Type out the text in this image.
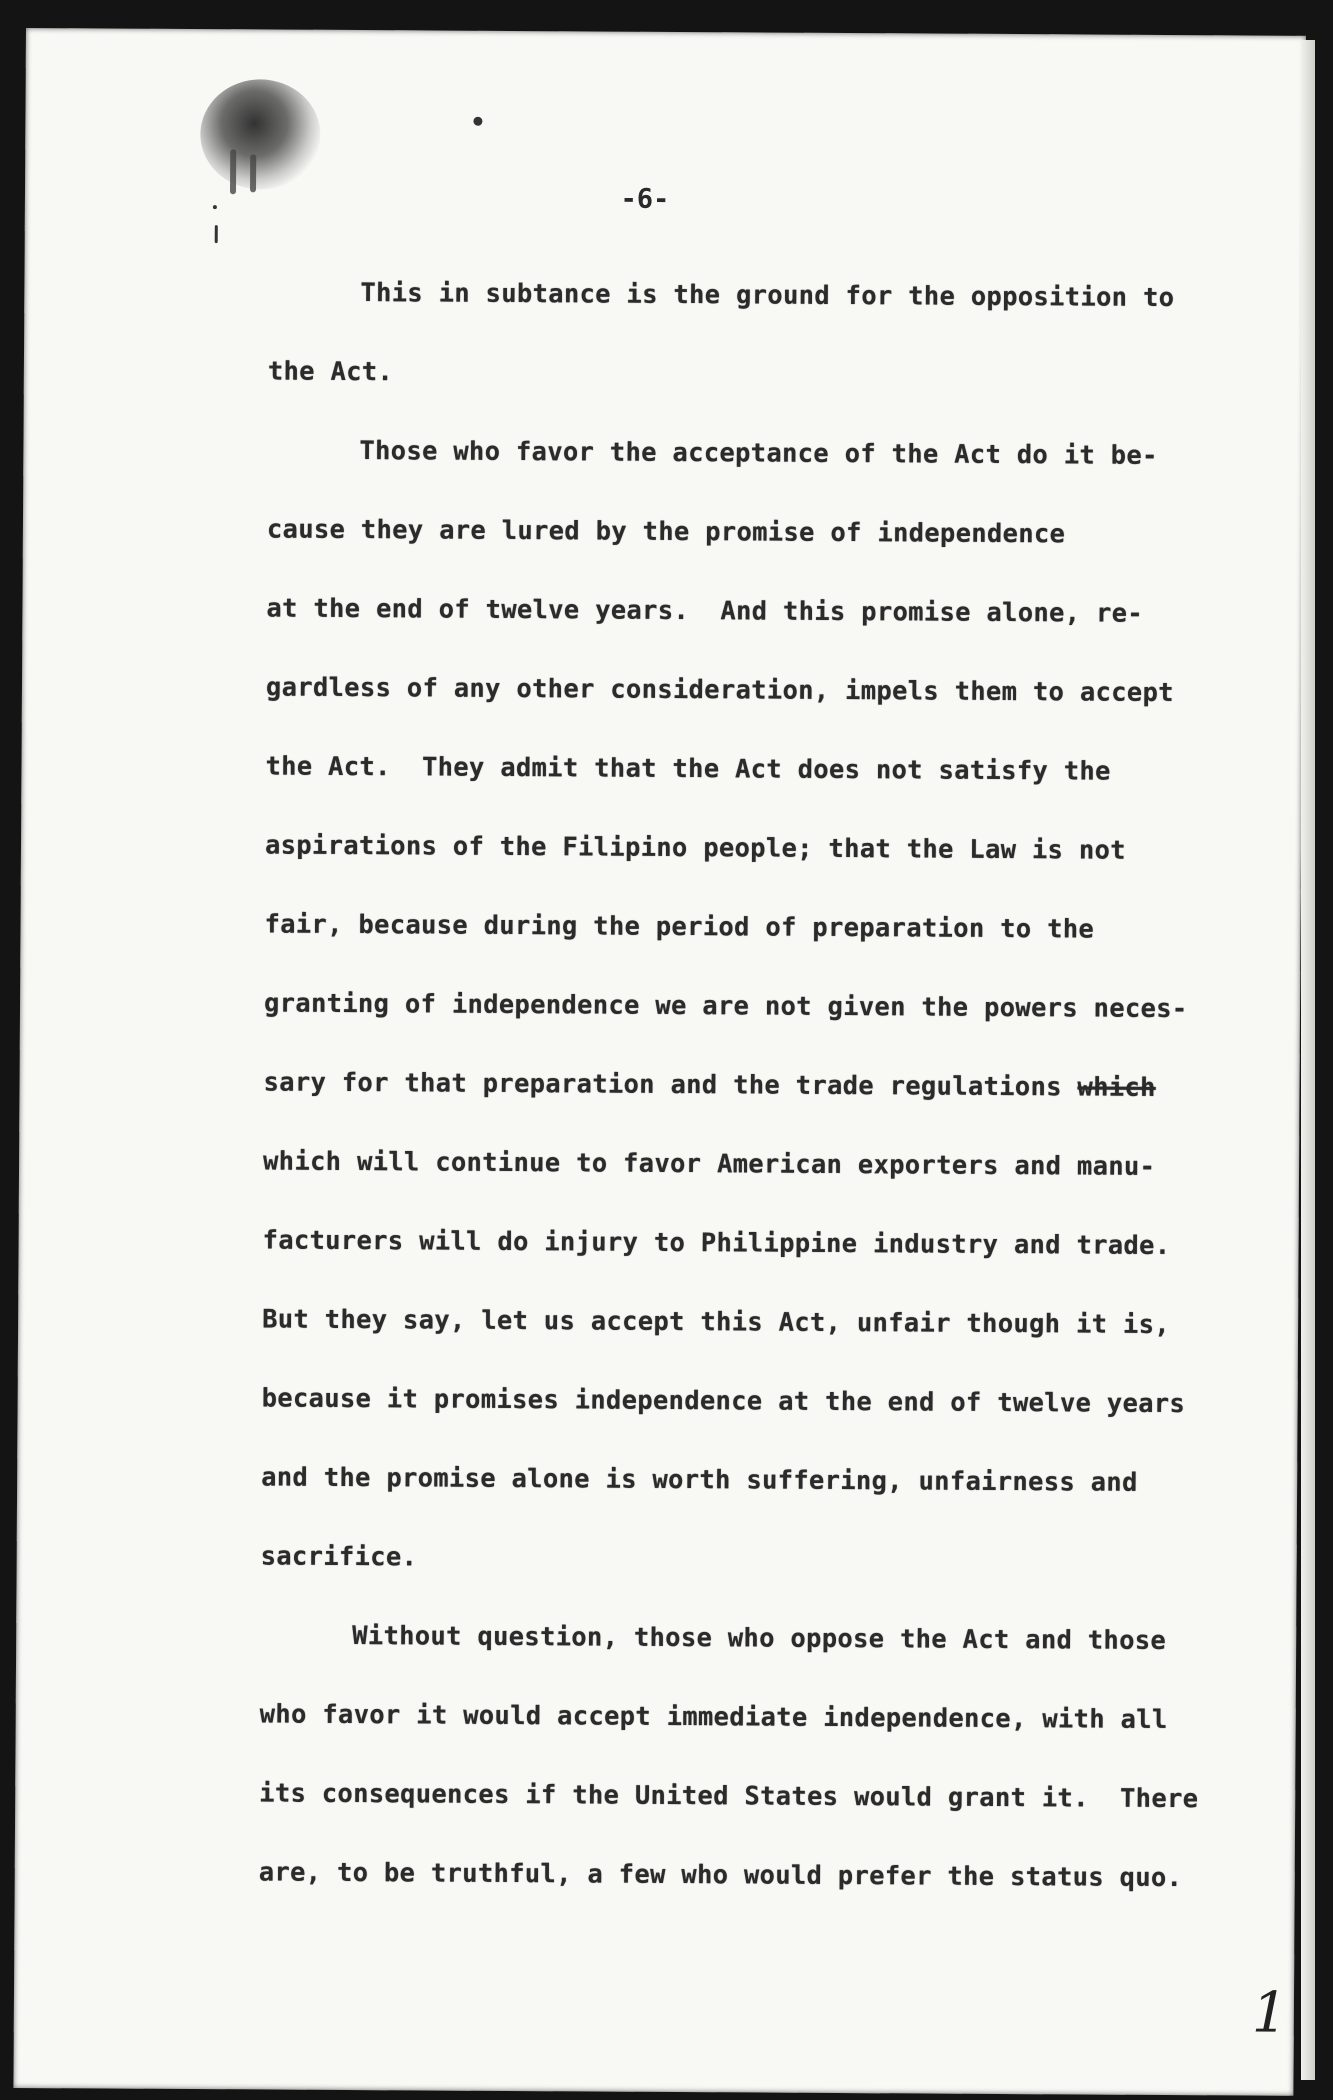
-6-
This in subtance is the ground for the opposition to
the Act.
Those who favor the acceptance of the Act do it be-
cause they are lured by the promise of independence
at the end of twelve years.  And this promise alone, re-
gardless of any other consideration, impels them to accept
the Act.  They admit that the Act does not satisfy the
aspirations of the Filipino people; that the Law is not
fair, because during the period of preparation to the
granting of independence we are not given the powers neces-
sary for that preparation and the trade regulations which
which will continue to favor American exporters and manu-
facturers will do injury to Philippine industry and trade.
But they say, let us accept this Act, unfair though it is,
because it promises independence at the end of twelve years
and the promise alone is worth suffering, unfairness and
sacrifice.
Without question, those who oppose the Act and those
who favor it would accept immediate independence, with all
its consequences if the United States would grant it.  There
are, to be truthful, a few who would prefer the status quo.
1
